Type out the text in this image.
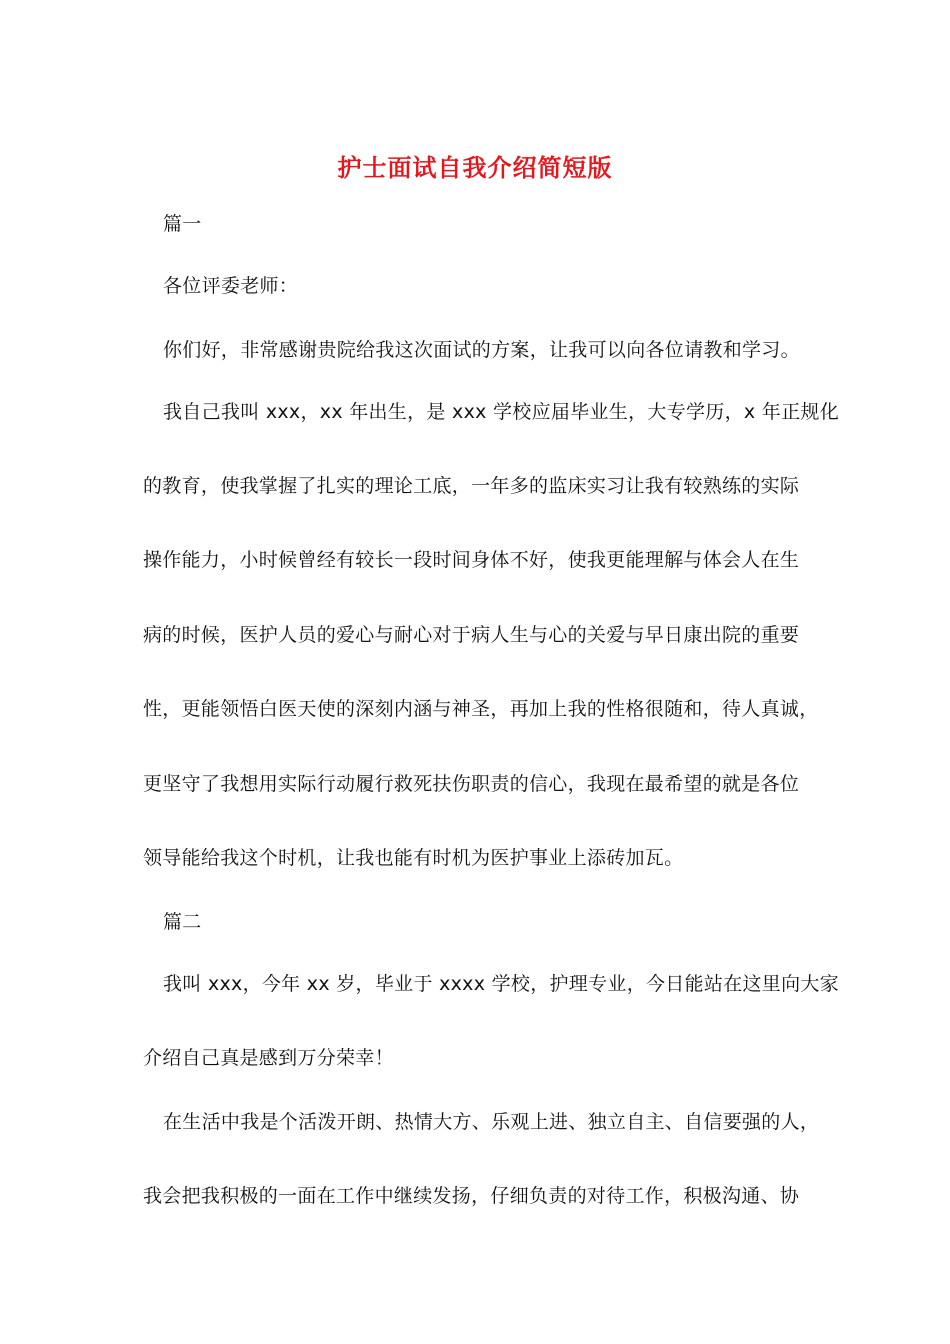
护士面试自我介绍简短版
篇一
各位评委老师：
你们好，非常感谢贵院给我这次面试的方案，让我可以向各位请教和学习。
我自己我叫 xxx，xx 年出生，是 xxx 学校应届毕业生，大专学历，x 年正规化
的教育，使我掌握了扎实的理论工底，一年多的监床实习让我有较熟练的实际
操作能力，小时候曾经有较长一段时间身体不好，使我更能理解与体会人在生
病的时候，医护人员的爱心与耐心对于病人生与心的关爱与早日康出院的重要
性，更能领悟白医天使的深刻内涵与神圣，再加上我的性格很随和，待人真诚，
更坚守了我想用实际行动履行救死扶伤职责的信心，我现在最希望的就是各位
领导能给我这个时机，让我也能有时机为医护事业上添砖加瓦。
篇二
我叫 xxx，今年 xx 岁，毕业于 xxxx 学校，护理专业，今日能站在这里向大家
介绍自己真是感到万分荣幸！
在生活中我是个活泼开朗、热情大方、乐观上进、独立自主、自信要强的人，
我会把我积极的一面在工作中继续发扬，仔细负责的对待工作，积极沟通、协
